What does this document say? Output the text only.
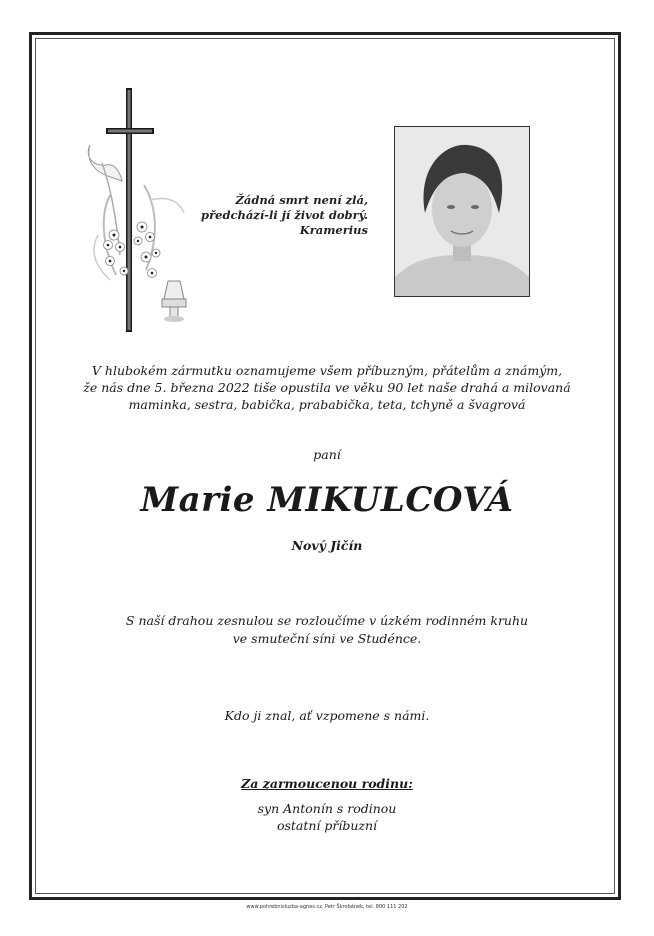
Žádná smrt není zlá,
předchází-li jí život dobrý.
Kramerius
V hlubokém zármutku oznamujeme všem příbuzným, přátelům a známým,
že nás dne 5. března 2022 tiše opustila ve věku 90 let naše drahá a milovaná
maminka, sestra, babička, prababička, teta, tchyně a švagrová
paní
Marie MIKULCOVÁ
Nový Jičín
S naší drahou zesnulou se rozloučíme v úzkém rodinném kruhu
ve smuteční síni ve Studénce.
Kdo ji znal, ať vzpomene s námi.
Za zarmoucenou rodinu:
syn Antonín s rodinou
ostatní příbuzní
www.pohrebnisluzba-agnes.cz, Petr Škrobánek, tel. 800 111 202
